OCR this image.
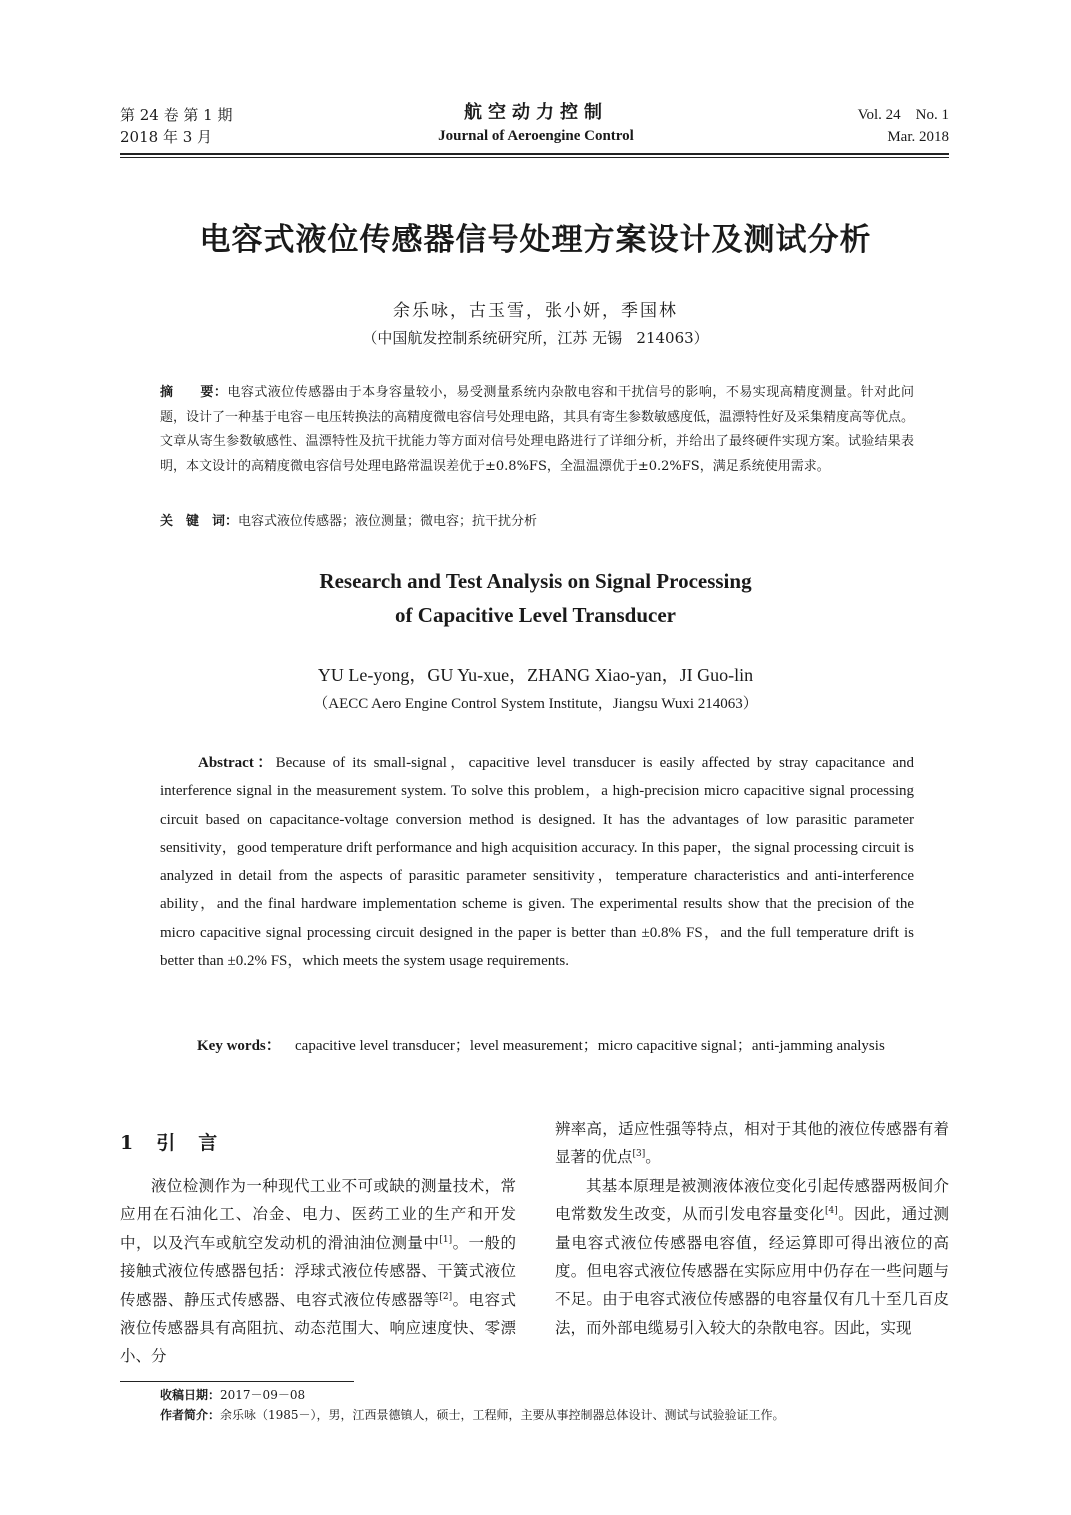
第 24 卷 第 1 期
2018 年 3 月
航空动力控制
Journal of Aeroengine Control
Vol. 24    No. 1
Mar. 2018
电容式液位传感器信号处理方案设计及测试分析
余乐咏，古玉雪，张小妍，季国林
（中国航发控制系统研究所，江苏 无锡   214063）
摘　　要：电容式液位传感器由于本身容量较小，易受测量系统内杂散电容和干扰信号的影响，不易实现高精度测量。针对此问题，设计了一种基于电容－电压转换法的高精度微电容信号处理电路，其具有寄生参数敏感度低，温漂特性好及采集精度高等优点。文章从寄生参数敏感性、温漂特性及抗干扰能力等方面对信号处理电路进行了详细分析，并给出了最终硬件实现方案。试验结果表明，本文设计的高精度微电容信号处理电路常温误差优于±0.8%FS，全温温漂优于±0.2%FS，满足系统使用需求。
关　键　词：电容式液位传感器；液位测量；微电容；抗干扰分析
Research and Test Analysis on Signal Processing
of Capacitive Level Transducer
YU Le-yong，GU Yu-xue，ZHANG Xiao-yan，JI Guo-lin
（AECC Aero Engine Control System Institute，Jiangsu Wuxi 214063）
Abstract：Because of its small-signal，capacitive level transducer is easily affected by stray capacitance and interference signal in the measurement system. To solve this problem，a high-precision micro capacitive signal processing circuit based on capacitance-voltage conversion method is designed. It has the advantages of low parasitic parameter sensitivity，good temperature drift performance and high acquisition accuracy. In this paper，the signal processing circuit is analyzed in detail from the aspects of parasitic parameter sensitivity，temperature characteristics and anti-interference ability，and the final hardware implementation scheme is given. The experimental results show that the precision of the micro capacitive signal processing circuit designed in the paper is better than ±0.8% FS，and the full temperature drift is better than ±0.2% FS，which meets the system usage requirements.
Key words： capacitive level transducer；level measurement；micro capacitive signal；anti-jamming analysis
1　引　言
液位检测作为一种现代工业不可或缺的测量技术，常应用在石油化工、冶金、电力、医药工业的生产和开发中，以及汽车或航空发动机的滑油油位测量中[1]。一般的接触式液位传感器包括：浮球式液位传感器、干簧式液位传感器、静压式传感器、电容式液位传感器等[2]。电容式液位传感器具有高阻抗、动态范围大、响应速度快、零漂小、分
辨率高，适应性强等特点，相对于其他的液位传感器有着显著的优点[3]。
其基本原理是被测液体液位变化引起传感器两极间介电常数发生改变，从而引发电容量变化[4]。因此，通过测量电容式液位传感器电容值，经运算即可得出液位的高度。但电容式液位传感器在实际应用中仍存在一些问题与不足。由于电容式液位传感器的电容量仅有几十至几百皮法，而外部电缆易引入较大的杂散电容。因此，实现
收稿日期：2017－09－08
作者简介：余乐咏（1985－），男，江西景德镇人，硕士，工程师，主要从事控制器总体设计、测试与试验验证工作。
